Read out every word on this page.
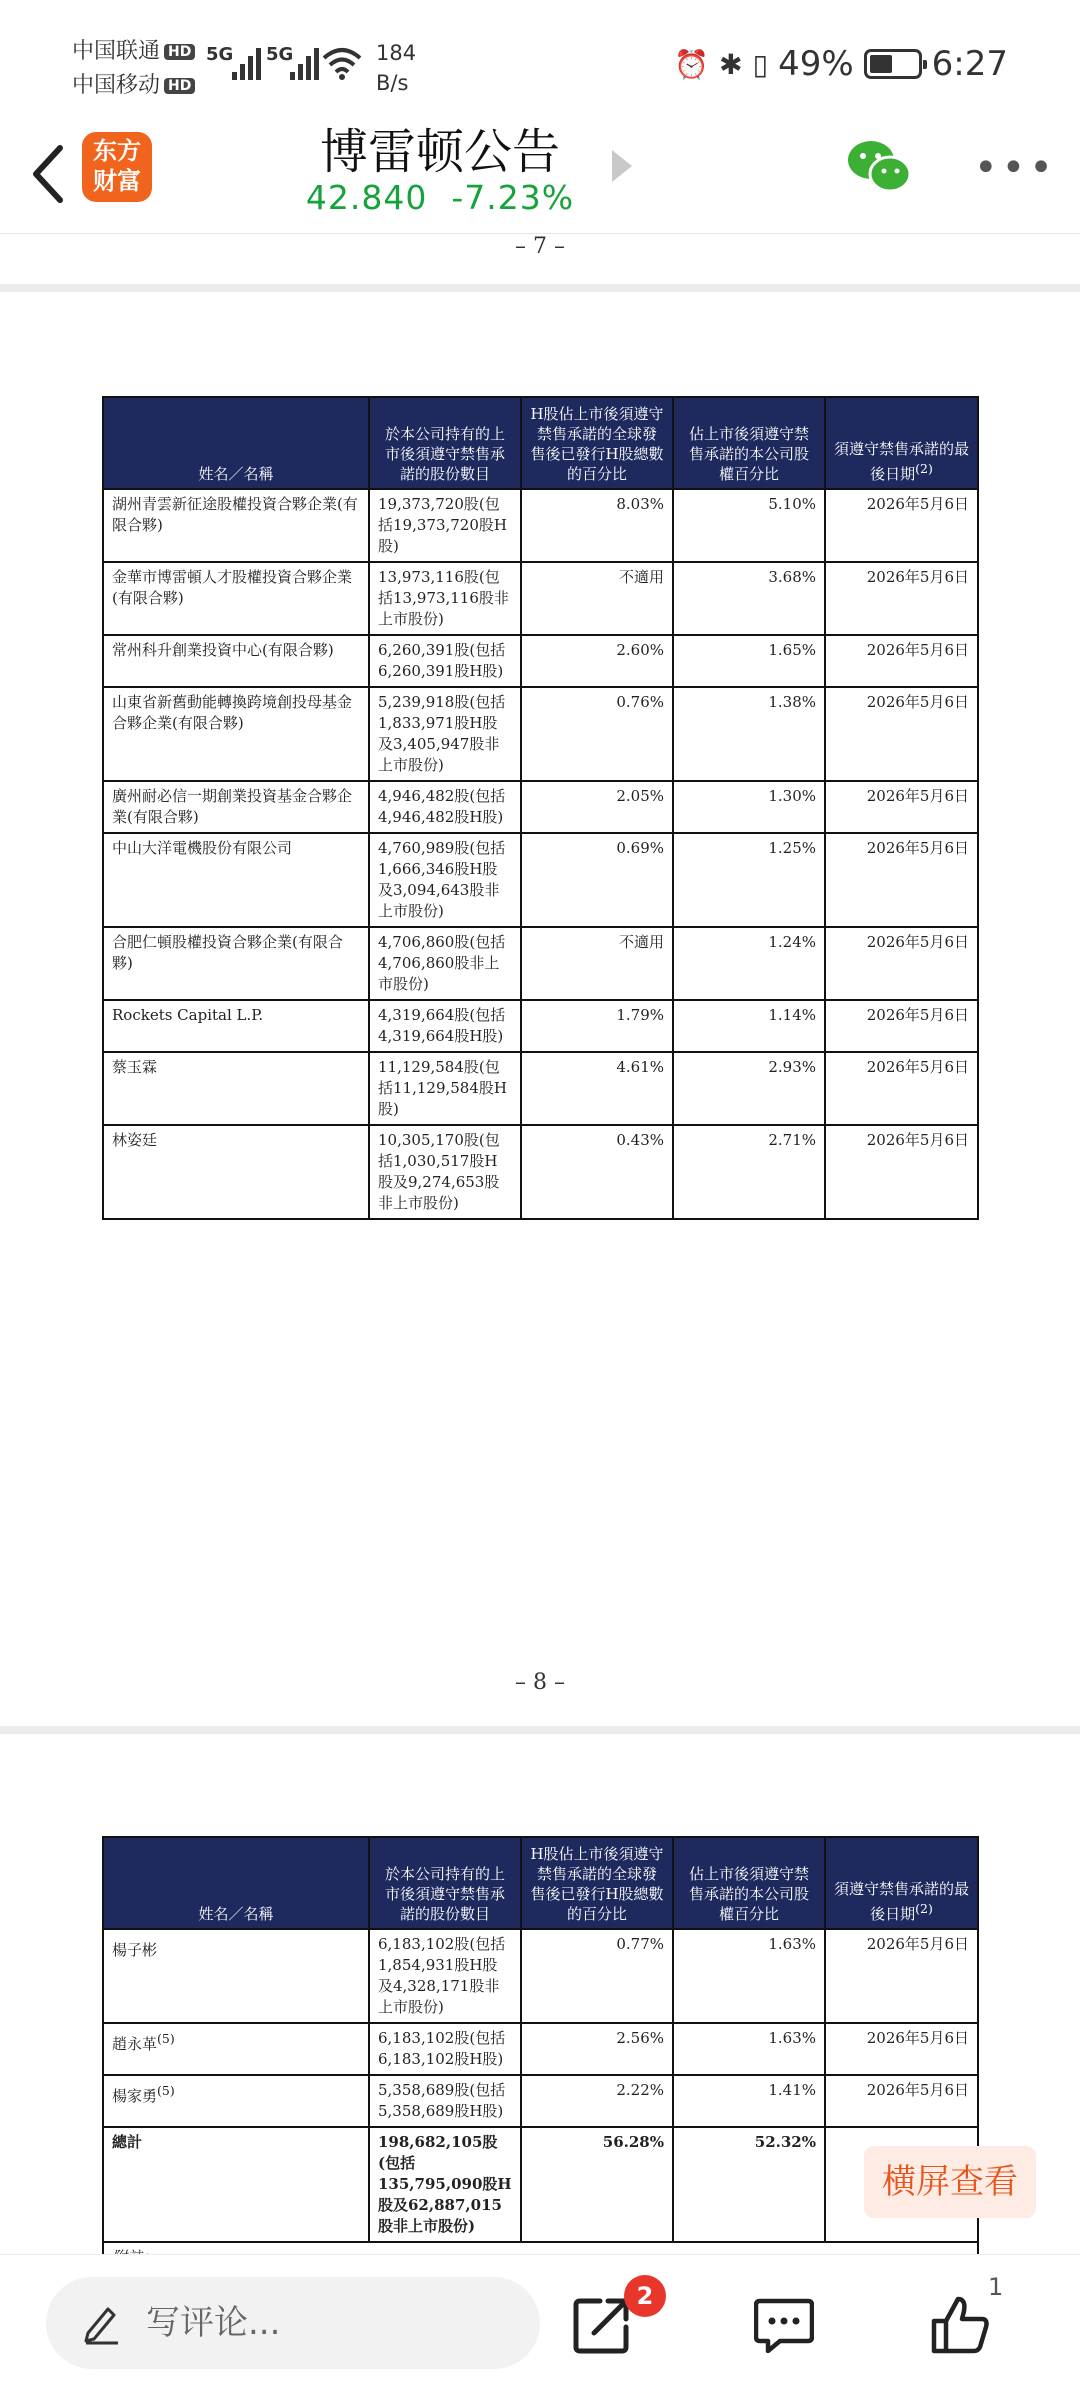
中国联通 HD
中国移动 HD
5G 5G	184
B/s
⏰ ✱ ▯ 49% 6:27
东方
财富
博雷顿公告
42.840 -7.23%
•••
– 7 –
姓名／名稱	於本公司持有的上市後須遵守禁售承諾的股份數目	H股佔上市後須遵守禁售承諾的全球發售後已發行H股總數的百分比	佔上市後須遵守禁售承諾的本公司股權百分比	須遵守禁售承諾的最後日期$^{(2)}$
湖州青雲新征途股權投資合夥企業(有限合夥)	19,373,720股(包括19,373,720股H股)	8.03%	5.10%	2026年5月6日
金華市博雷頓人才股權投資合夥企業(有限合夥)	13,973,116股(包括13,973,116股非上市股份)	不適用	3.68%	2026年5月6日
常州科升創業投資中心(有限合夥)	6,260,391股(包括6,260,391股H股)	2.60%	1.65%	2026年5月6日
山東省新舊動能轉換跨境創投母基金合夥企業(有限合夥)	5,239,918股(包括1,833,971股H股及3,405,947股非上市股份)	0.76%	1.38%	2026年5月6日
廣州耐必信一期創業投資基金合夥企業(有限合夥)	4,946,482股(包括4,946,482股H股)	2.05%	1.30%	2026年5月6日
中山大洋電機股份有限公司	4,760,989股(包括1,666,346股H股及3,094,643股非上市股份)	0.69%	1.25%	2026年5月6日
合肥仁頓股權投資合夥企業(有限合夥)	4,706,860股(包括4,706,860股非上市股份)	不適用	1.24%	2026年5月6日
Rockets Capital L.P.	4,319,664股(包括4,319,664股H股)	1.79%	1.14%	2026年5月6日
蔡玉霖	11,129,584股(包括11,129,584股H股)	4.61%	2.93%	2026年5月6日
林姿廷	10,305,170股(包括1,030,517股H股及9,274,653股非上市股份)	0.43%	2.71%	2026年5月6日
– 8 –
姓名／名稱	於本公司持有的上市後須遵守禁售承諾的股份數目	H股佔上市後須遵守禁售承諾的全球發售後已發行H股總數的百分比	佔上市後須遵守禁售承諾的本公司股權百分比	須遵守禁售承諾的最後日期$^{(2)}$
楊子彬	6,183,102股(包括1,854,931股H股及4,328,171股非上市股份)	0.77%	1.63%	2026年5月6日
趙永革$^{(5)}$	6,183,102股(包括6,183,102股H股)	2.56%	1.63%	2026年5月6日
楊家勇$^{(5)}$	5,358,689股(包括5,358,689股H股)	2.22%	1.41%	2026年5月6日
總計	198,682,105股(包括135,795,090股H股及62,887,015股非上市股份)	56.28%	52.32%	

横屏查看
写评论...
2	1
